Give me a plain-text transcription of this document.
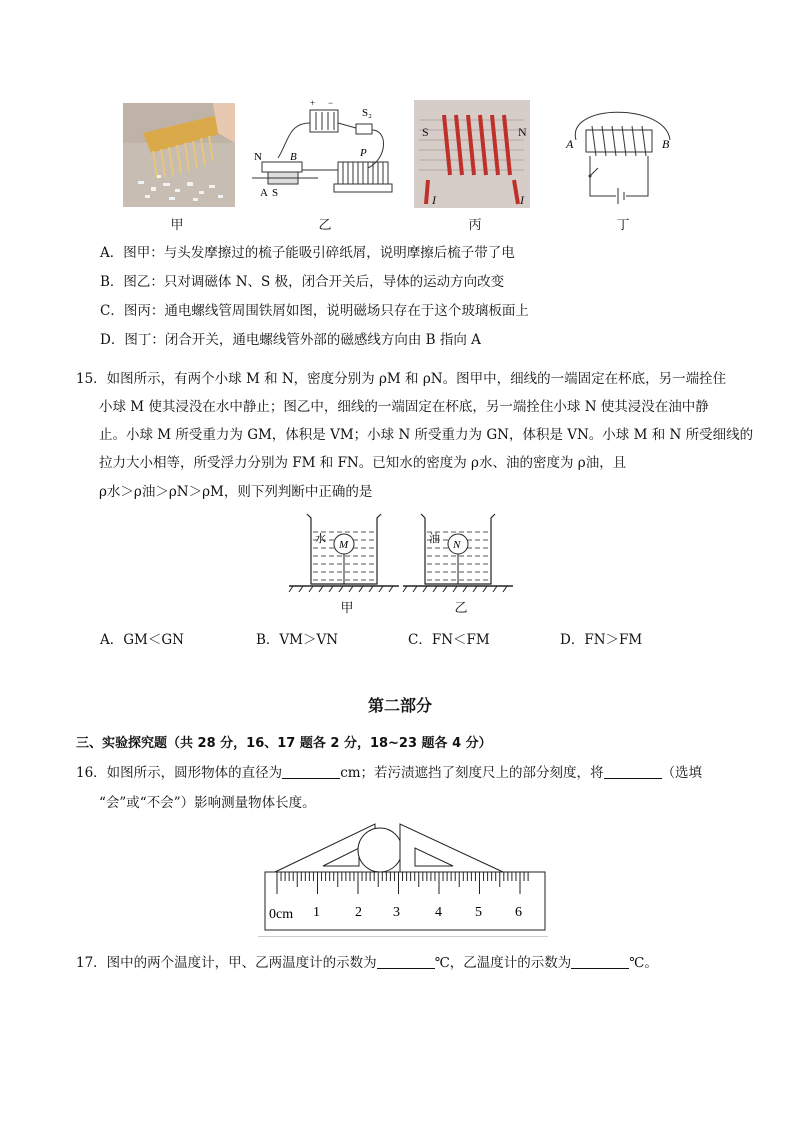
+ −
S₂
N	B
A S
P
S	N
I	I
A	B
甲	乙	丙	丁
A．图甲：与头发摩擦过的梳子能吸引碎纸屑，说明摩擦后梳子带了电
B．图乙：只对调磁体 N、S 极，闭合开关后，导体的运动方向改变
C．图丙：通电螺线管周围铁屑如图，说明磁场只存在于这个玻璃板面上
D．图丁：闭合开关，通电螺线管外部的磁感线方向由 B 指向 A
15．如图所示，有两个小球 M 和 N，密度分别为 ρM 和 ρN。图甲中，细线的一端固定在杯底，另一端拴住
小球 M 使其浸没在水中静止；图乙中，细线的一端固定在杯底，另一端拴住小球 N 使其浸没在油中静
止。小球 M 所受重力为 GM，体积是 VM；小球 N 所受重力为 GN，体积是 VN。小球 M 和 N 所受细线的
拉力大小相等，所受浮力分别为 FM 和 FN。已知水的密度为 ρ水、油的密度为 ρ油，且
ρ水＞ρ油＞ρN＞ρM，则下列判断中正确的是
水 M	油 N
甲	乙
A．GM＜GN	B．VM＞VN	C．FN＜FM	D．FN＞FM
第二部分
三、实验探究题（共 28 分，16、17 题各 2 分，18~23 题各 4 分）
16．如图所示，圆形物体的直径为	cm；若污渍遮挡了刻度尺上的部分刻度，将	（选填
“会”或“不会”）影响测量物体长度。
0cm 1	2 3	4 5 6
17．图中的两个温度计，甲、乙两温度计的示数为	℃，乙温度计的示数为	℃。
